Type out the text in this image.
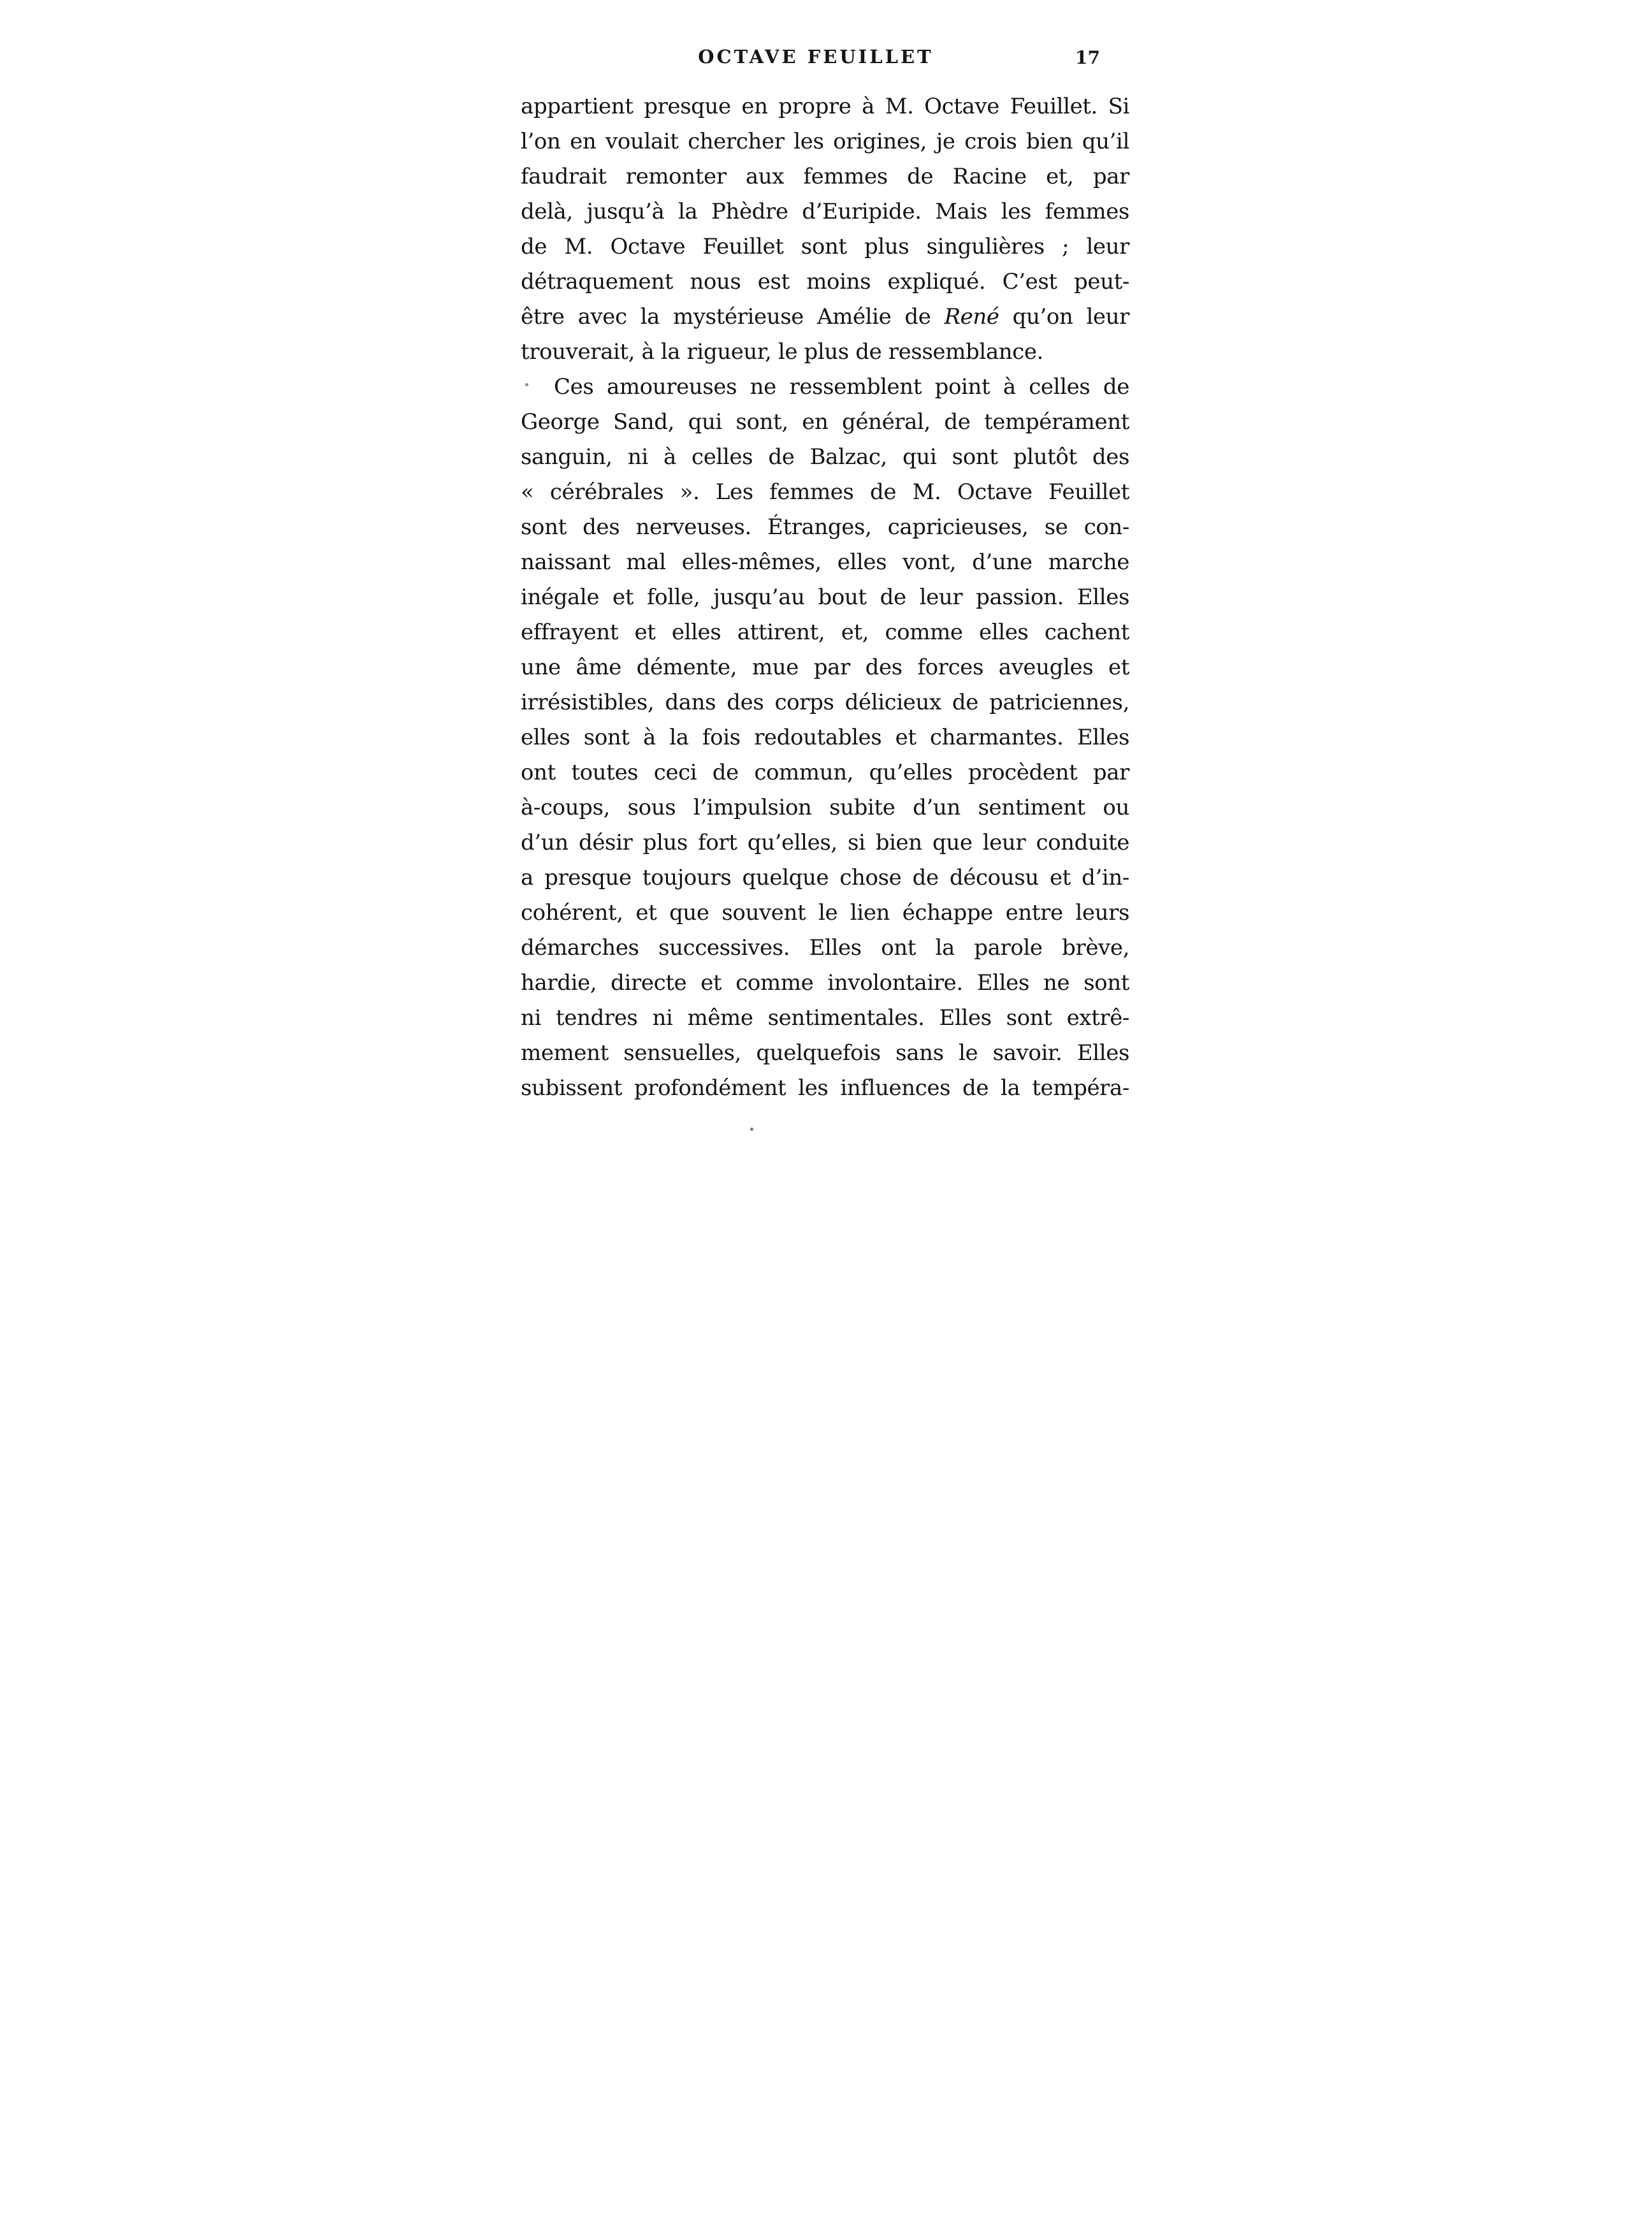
OCTAVE FEUILLET	17
appartient presque en propre à M. Octave Feuillet. Si
l’on en voulait chercher les origines, je crois bien qu’il
faudrait remonter aux femmes de Racine et, par
delà, jusqu’à la Phèdre d’Euripide. Mais les femmes
de M. Octave Feuillet sont plus singulières ; leur
détraquement nous est moins expliqué. C’est peut-
être avec la mystérieuse Amélie de René qu’on leur
trouverait, à la rigueur, le plus de ressemblance.
Ces amoureuses ne ressemblent point à celles de
George Sand, qui sont, en général, de tempérament
sanguin, ni à celles de Balzac, qui sont plutôt des
« cérébrales ». Les femmes de M. Octave Feuillet
sont des nerveuses. Étranges, capricieuses, se con-
naissant mal elles-mêmes, elles vont, d’une marche
inégale et folle, jusqu’au bout de leur passion. Elles
effrayent et elles attirent, et, comme elles cachent
une âme démente, mue par des forces aveugles et
irrésistibles, dans des corps délicieux de patriciennes,
elles sont à la fois redoutables et charmantes. Elles
ont toutes ceci de commun, qu’elles procèdent par
à-coups, sous l’impulsion subite d’un sentiment ou
d’un désir plus fort qu’elles, si bien que leur conduite
a presque toujours quelque chose de décousu et d’in-
cohérent, et que souvent le lien échappe entre leurs
démarches successives. Elles ont la parole brève,
hardie, directe et comme involontaire. Elles ne sont
ni tendres ni même sentimentales. Elles sont extrê-
mement sensuelles, quelquefois sans le savoir. Elles
subissent profondément les influences de la tempéra-
